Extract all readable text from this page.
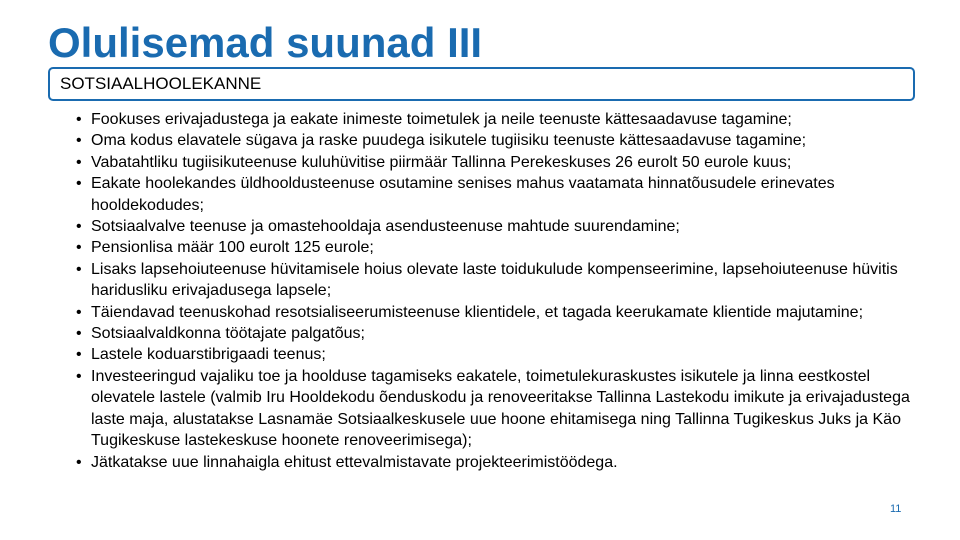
Olulisemad suunad III
SOTSIAALHOOLEKANNE
• Fookuses erivajadustega ja eakate inimeste toimetulek ja neile teenuste kättesaadavuse tagamine;
• Oma kodus elavatele sügava ja raske puudega isikutele tugiisiku teenuste kättesaadavuse tagamine;
• Vabatahtliku tugiisikuteenuse kuluhüvitise piirmäär Tallinna Perekeskuses 26 eurolt 50 eurole kuus;
• Eakate hoolekandes üldhooldusteenuse osutamine senises mahus vaatamata hinnatõusudele erinevates hooldekodudes;
• Sotsiaalvalve teenuse ja omastehooldaja asendusteenuse mahtude suurendamine;
• Pensionlisa määr 100 eurolt 125 eurole;
• Lisaks lapsehoiuteenuse hüvitamisele hoius olevate laste toidukulude kompenseerimine, lapsehoiuteenuse hüvitis haridusliku erivajadusega lapsele;
• Täiendavad teenuskohad resotsialiseerumisteenuse klientidele, et tagada keerukamate klientide majutamine;
• Sotsiaalvaldkonna töötajate palgatõus;
• Lastele koduarstibrigaadi teenus;
• Investeeringud vajaliku toe ja hoolduse tagamiseks eakatele, toimetulekuraskustes isikutele ja linna eestkostel olevatele lastele (valmib Iru Hooldekodu õenduskodu ja renoveeritakse Tallinna Lastekodu imikute ja erivajadustega laste maja, alustatakse Lasnamäe Sotsiaalkeskusele uue hoone ehitamisega ning Tallinna Tugikeskus Juks ja Käo Tugikeskuse lastekeskuse hoonete renoveerimisega);
• Jätkatakse uue linnahaigla ehitust ettevalmistavate projekteerimistöödega.
11
